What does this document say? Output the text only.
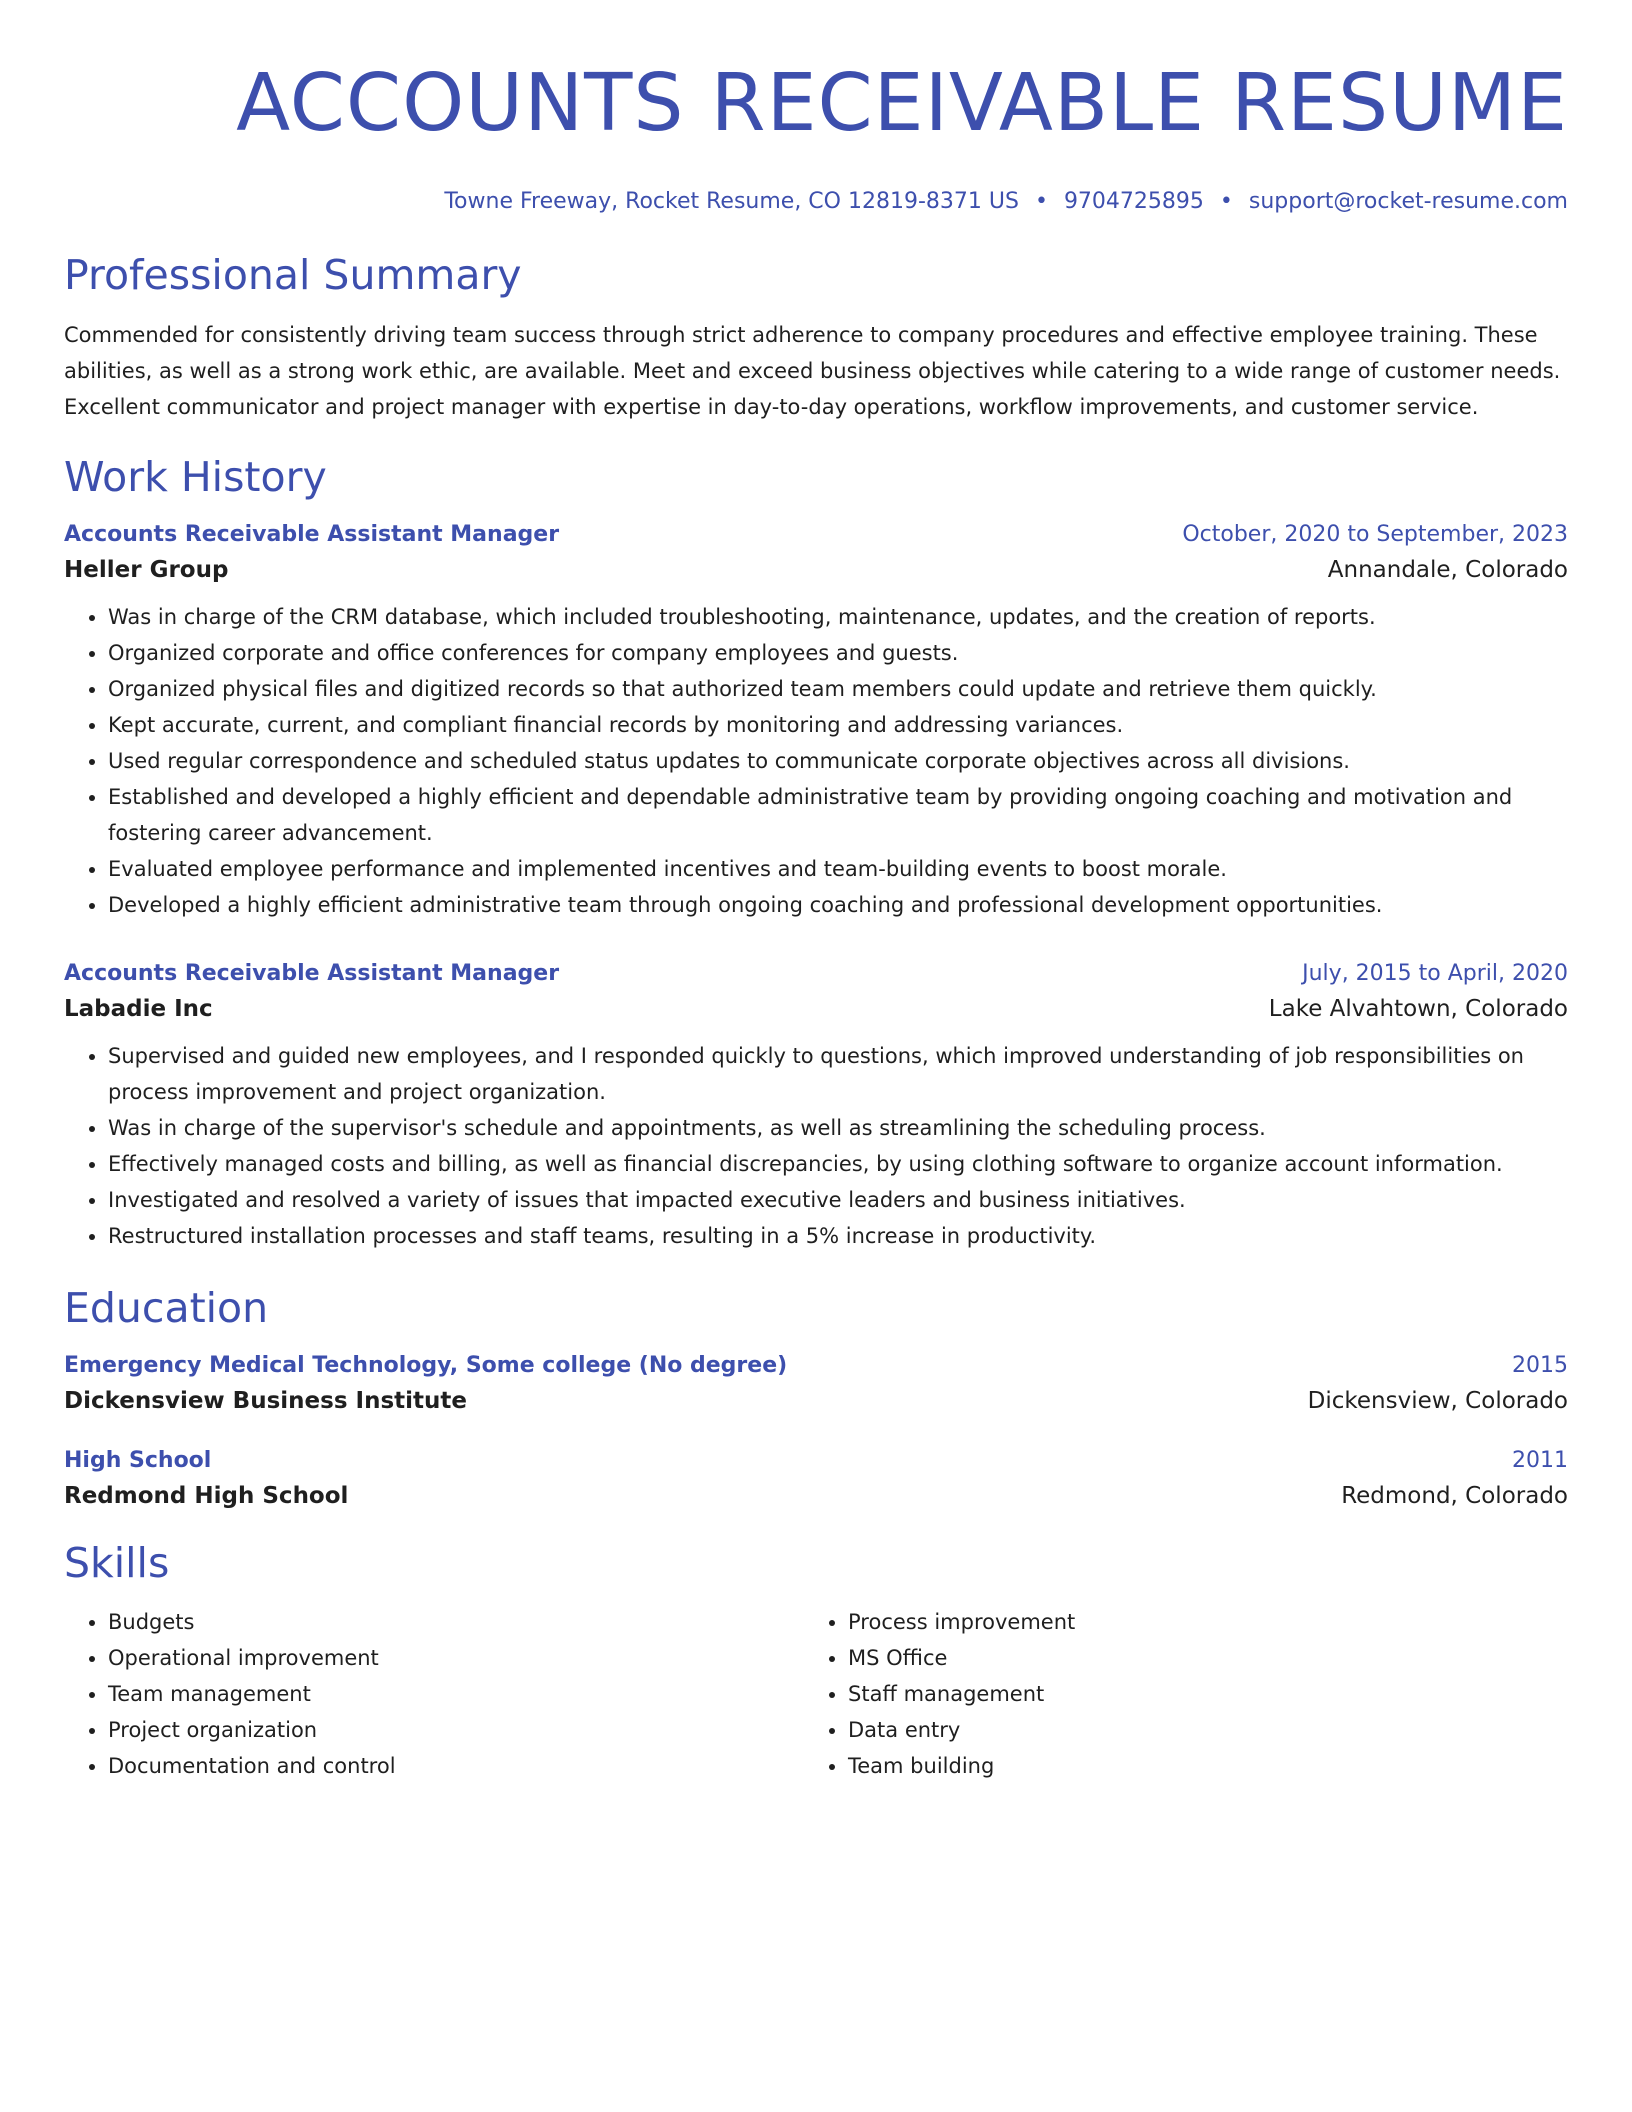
ACCOUNTS RECEIVABLE RESUME
Towne Freeway, Rocket Resume, CO 12819-8371 US • 9704725895 • support@rocket-resume.com
Professional Summary

Commended for consistently driving team success through strict adherence to company procedures and effective employee training. These abilities, as well as a strong work ethic, are available. Meet and exceed business objectives while catering to a wide range of customer needs. Excellent communicator and project manager with expertise in day-to-day operations, workflow improvements, and customer service.

Work History
Accounts Receivable Assistant Manager	October, 2020 to September, 2023
Heller Group	Annandale, Colorado
• Was in charge of the CRM database, which included troubleshooting, maintenance, updates, and the creation of reports.
• Organized corporate and office conferences for company employees and guests.
• Organized physical files and digitized records so that authorized team members could update and retrieve them quickly.
• Kept accurate, current, and compliant financial records by monitoring and addressing variances.
• Used regular correspondence and scheduled status updates to communicate corporate objectives across all divisions.
• Established and developed a highly efficient and dependable administrative team by providing ongoing coaching and motivation and fostering career advancement.
• Evaluated employee performance and implemented incentives and team-building events to boost morale.
• Developed a highly efficient administrative team through ongoing coaching and professional development opportunities.
Accounts Receivable Assistant Manager	July, 2015 to April, 2020
Labadie Inc	Lake Alvahtown, Colorado
• Supervised and guided new employees, and I responded quickly to questions, which improved understanding of job responsibilities on process improvement and project organization.
• Was in charge of the supervisor's schedule and appointments, as well as streamlining the scheduling process.
• Effectively managed costs and billing, as well as financial discrepancies, by using clothing software to organize account information.
• Investigated and resolved a variety of issues that impacted executive leaders and business initiatives.
• Restructured installation processes and staff teams, resulting in a 5% increase in productivity.
Education
Emergency Medical Technology, Some college (No degree)	2015
Dickensview Business Institute	Dickensview, Colorado
High School	2011
Redmond High School	Redmond, Colorado
Skills
• Budgets
• Operational improvement
• Team management
• Project organization
• Documentation and control
• Process improvement
• MS Office
• Staff management
• Data entry
• Team building
